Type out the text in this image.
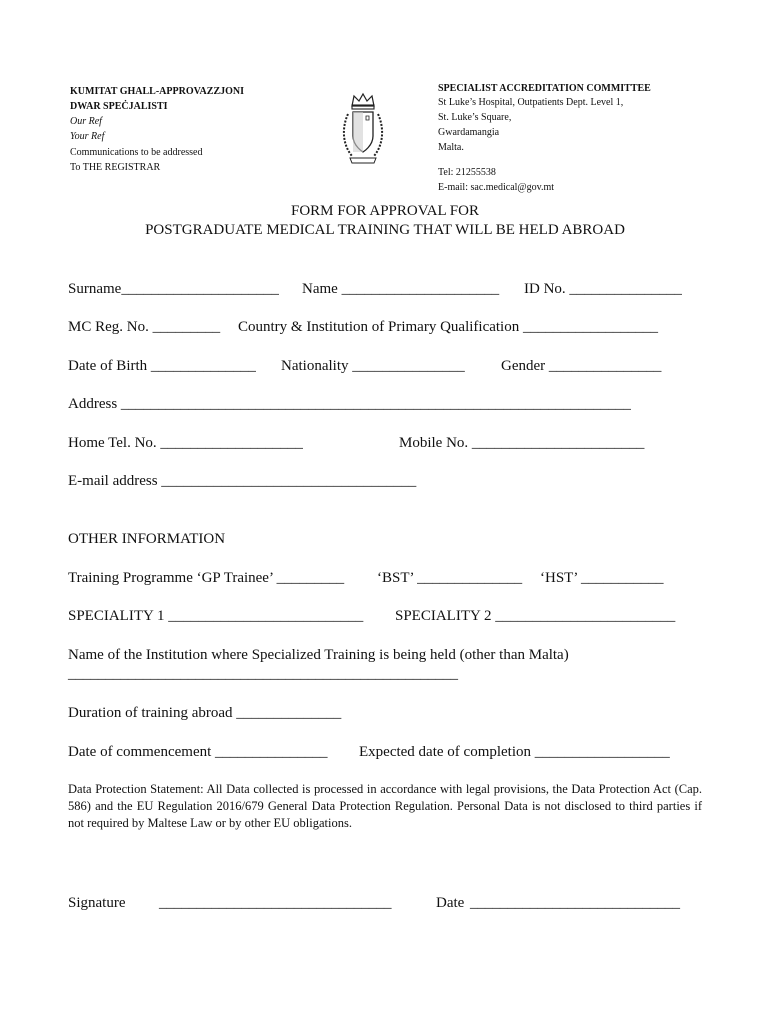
KUMITAT GHALL-APPROVAZZJONI
DWAR SPEĊJALISTI
Our Ref
Your Ref
Communications to be addressed
To THE REGISTRAR
SPECIALIST ACCREDITATION COMMITTEE
St Luke’s Hospital, Outpatients Dept. Level 1,
St. Luke’s Square,
Gwardamangia
Malta.
Tel: 21255538
E-mail: sac.medical@gov.mt
FORM FOR APPROVAL FOR
POSTGRADUATE MEDICAL TRAINING THAT WILL BE HELD ABROAD
Surname_____________________ Name _____________________ ID No. _______________
MC Reg. No. _________ Country & Institution of Primary Qualification __________________
Date of Birth ______________ Nationality _______________ Gender _______________
Address ____________________________________________________________________
Home Tel. No. ___________________	Mobile No. _______________________
E-mail address __________________________________
OTHER INFORMATION
Training Programme ‘GP Trainee’ _________ ‘BST’ ______________ ‘HST’ ___________
SPECIALITY 1 __________________________ SPECIALITY 2 ________________________
Name of the Institution where Specialized Training is being held (other than Malta)
____________________________________________________
Duration of training abroad ______________
Date of commencement _______________ Expected date of completion __________________
Data Protection Statement: All Data collected is processed in accordance with legal provisions, the Data Protection Act (Cap. 586) and the EU Regulation 2016/679 General Data Protection Regulation. Personal Data is not disclosed to third parties if not required by Maltese Law or by other EU obligations.
Signature _______________________________	Date ____________________________
